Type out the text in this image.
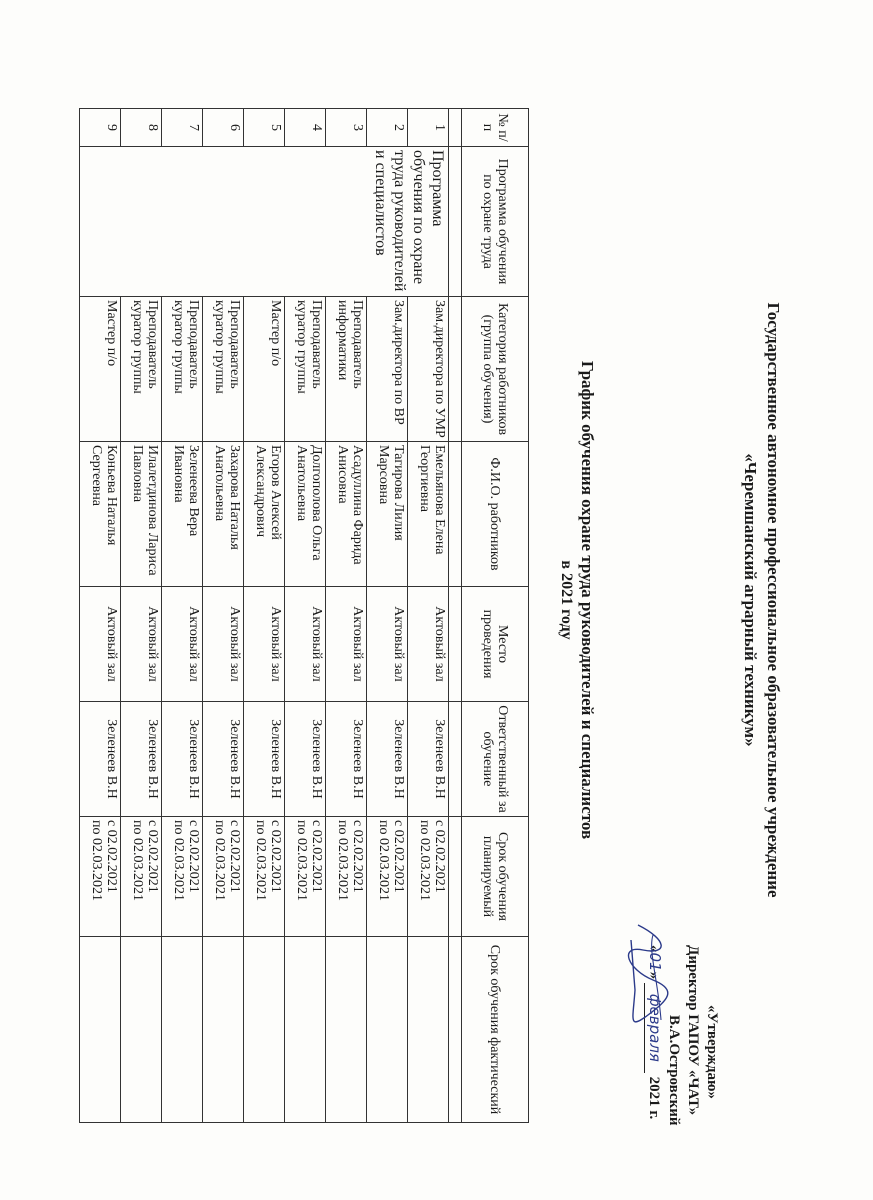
Государственное автономное профессиональное образовательное учреждение
«Черемшанский аграрный техникум»
«Утверждаю»
Директор ГАПОУ «ЧАТ»
В.А.Островский
«01» февраля 2021 г.
График обучения охране труда руководителей и специалистов
в 2021 году
№ п/п	Программа обучения по охране труда	Категория работников (группа обучения)	Ф.И.О. работников	Место проведения	Ответственный за обучение	Срок обучения планируемый	Срок обучения фактический

1	Программа обучения по охране труда руководителей и специалистов	Зам.директора по УМР	Емельянова Елена Георгиевна	Актовый зал	Зеленеев В.Н	с 02.02.2021
по 02.03.2021	

2		Зам.директора по ВР	Тагирова Лилия Марсовна	Актовый зал	Зеленеев В.Н	с 02.02.2021
по 02.03.2021	

3		Преподаватель информатики	Асадуллина Фарида Анисовна	Актовый зал	Зеленеев В.Н	с 02.02.2021
по 02.03.2021	

4		Преподаватель куратор группы	Долгополова Ольга Анатольевна	Актовый зал	Зеленеев В.Н	с 02.02.2021
по 02.03.2021	

5		Мастер п/о	Егоров Алексей Александрович	Актовый зал	Зеленеев В.Н	с 02.02.2021
по 02.03.2021	

6		Преподаватель куратор группы	Захарова Наталья Анатольевна	Актовый зал	Зеленеев В.Н	с 02.02.2021
по 02.03.2021	

7		Преподаватель куратор группы	Зеленеева Вера Ивановна	Актовый зал	Зеленеев В.Н	с 02.02.2021
по 02.03.2021	

8		Преподаватель куратор группы	Илалетдинова Лариса Павловна	Актовый зал	Зеленеев В.Н	с 02.02.2021
по 02.03.2021	

9		Мастер п/о	Коньева Наталья Сергеевна	Актовый зал	Зеленеев В.Н	с 02.02.2021
по 02.03.2021	
